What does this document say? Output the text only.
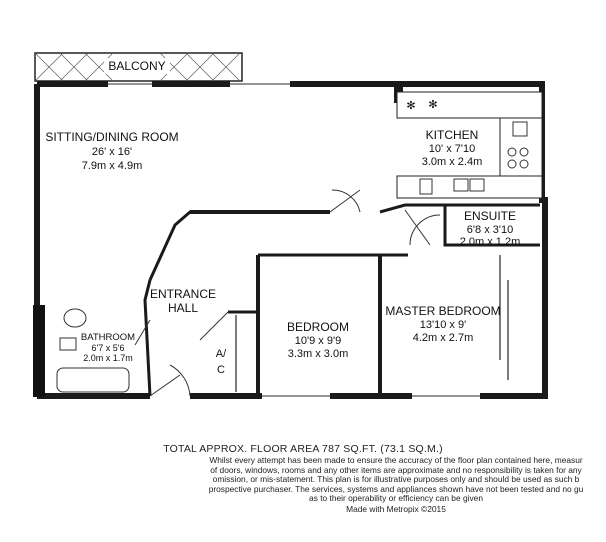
BALCONY
✻ ✻
SITTING/DINING ROOM
26' x 16'
7.9m x 4.9m
KITCHEN
10' x 7'10
3.0m x 2.4m
ENSUITE
6'8 x 3'10
2.0m x 1.2m
ENTRANCE
HALL
BATHROOM
6'7 x 5'6
2.0m x 1.7m
BEDROOM
10'9 x 9'9
3.3m x 3.0m
MASTER BEDROOM
13'10 x 9'
4.2m x 2.7m
A/
C
TOTAL APPROX. FLOOR AREA 787 SQ.FT. (73.1 SQ.M.)
Whilst every attempt has been made to ensure the accuracy of the floor plan contained here, measur
of doors, windows, rooms and any other items are approximate and no responsibility is taken for any
omission, or mis-statement. This plan is for illustrative purposes only and should be used as such b
prospective purchaser. The services, systems and appliances shown have not been tested and no gu
as to their operability or efficiency can be given
Made with Metropix ©2015
